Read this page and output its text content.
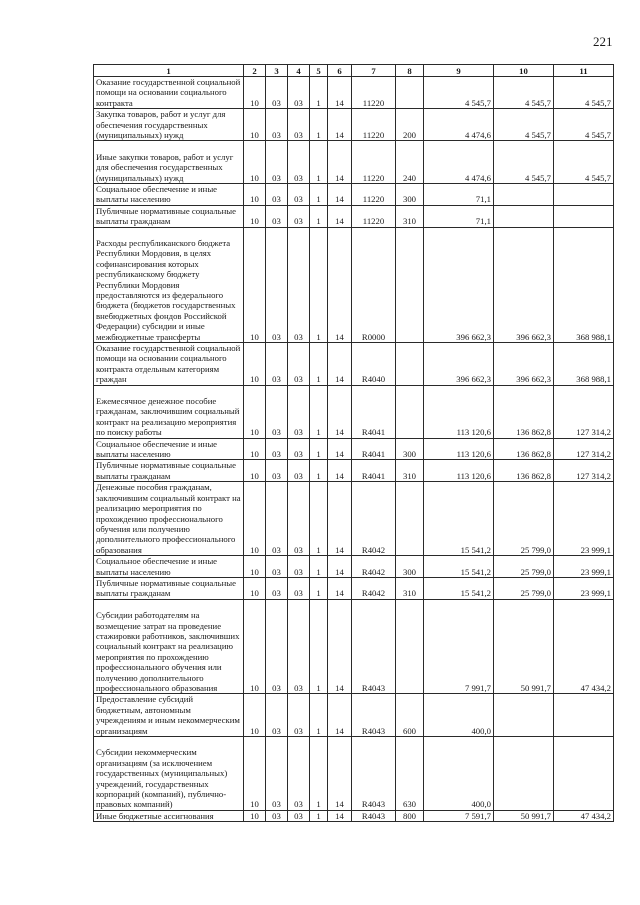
221
1	2	3	4	5	6	7	8	9	10	11
Оказание государственной социальной помощи на основании социального контракта	10	03	03	1	14	11220		4 545,7	4 545,7	4 545,7
Закупка товаров, работ и услуг для обеспечения государственных (муниципальных) нужд	10	03	03	1	14	11220	200	4 474,6	4 545,7	4 545,7
Иные закупки товаров, работ и услуг для обеспечения государственных (муниципальных) нужд	10	03	03	1	14	11220	240	4 474,6	4 545,7	4 545,7
Социальное обеспечение и иные выплаты населению	10	03	03	1	14	11220	300	71,1		
Публичные нормативные социальные выплаты гражданам	10	03	03	1	14	11220	310	71,1		
Расходы республиканского бюджета Республики Мордовия, в целях софинансирования которых республиканскому бюджету Республики Мордовия предоставляются из федерального бюджета (бюджетов государственных внебюджетных фондов Российской Федерации) субсидии и иные межбюджетные трансферты	10	03	03	1	14	R0000		396 662,3	396 662,3	368 988,1
Оказание государственной социальной помощи на основании социального контракта отдельным категориям граждан	10	03	03	1	14	R4040		396 662,3	396 662,3	368 988,1
Ежемесячное денежное пособие гражданам, заключившим социальный контракт на реализацию мероприятия по поиску работы	10	03	03	1	14	R4041		113 120,6	136 862,8	127 314,2
Социальное обеспечение и иные выплаты населению	10	03	03	1	14	R4041	300	113 120,6	136 862,8	127 314,2
Публичные нормативные социальные выплаты гражданам	10	03	03	1	14	R4041	310	113 120,6	136 862,8	127 314,2
Денежные пособия гражданам, заключившим социальный контракт на реализацию мероприятия по прохождению профессионального обучения или получению дополнительного профессионального образования	10	03	03	1	14	R4042		15 541,2	25 799,0	23 999,1
Социальное обеспечение и иные выплаты населению	10	03	03	1	14	R4042	300	15 541,2	25 799,0	23 999,1
Публичные нормативные социальные выплаты гражданам	10	03	03	1	14	R4042	310	15 541,2	25 799,0	23 999,1
Субсидии работодателям на возмещение затрат на проведение стажировки работников, заключивших социальный контракт на реализацию мероприятия по прохождению профессионального обучения или получению дополнительного профессионального образования	10	03	03	1	14	R4043		7 991,7	50 991,7	47 434,2
Предоставление субсидий бюджетным, автономным учреждениям и иным некоммерческим организациям	10	03	03	1	14	R4043	600	400,0		
Субсидии некоммерческим организациям (за исключением государственных (муниципальных) учреждений, государственных корпораций (компаний), публично-правовых компаний)	10	03	03	1	14	R4043	630	400,0		
Иные бюджетные ассигнования	10	03	03	1	14	R4043	800	7 591,7	50 991,7	47 434,2
